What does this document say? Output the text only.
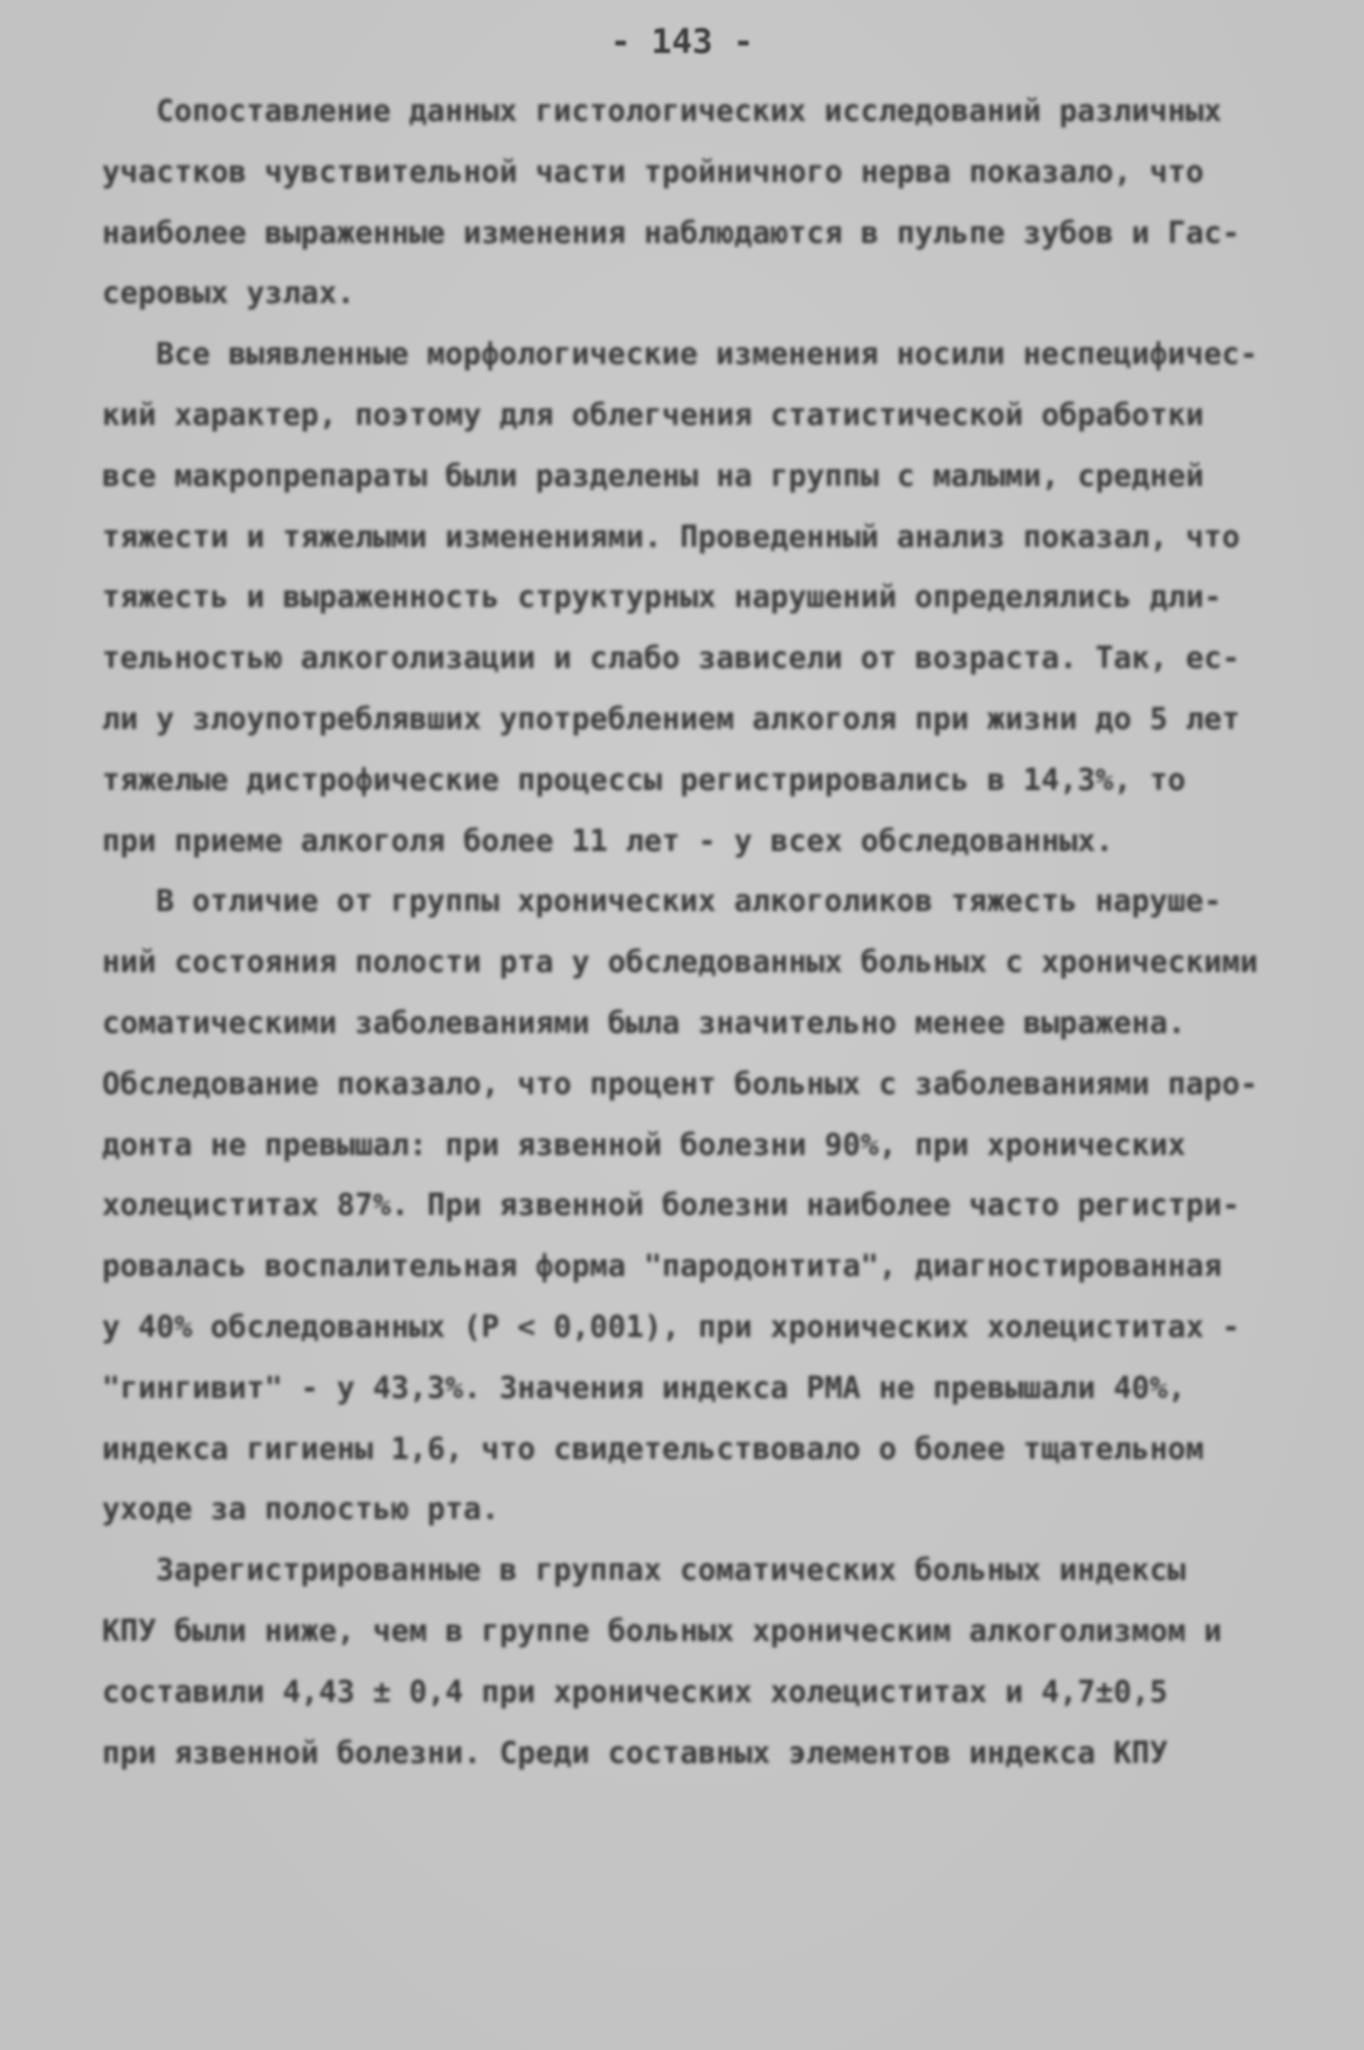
- 143 -

Сопоставление данных гистологических исследований различных
участков чувствительной части тройничного нерва показало, что
наиболее выраженные изменения наблюдаются в пульпе зубов и Гас-
серовых узлах.
Все выявленные морфологические изменения носили неспецифичес-
кий характер, поэтому для облегчения статистической обработки
все макропрепараты были разделены на группы с малыми, средней
тяжести и тяжелыми изменениями. Проведенный анализ показал, что
тяжесть и выраженность структурных нарушений определялись дли-
тельностью алкоголизации и слабо зависели от возраста. Так, ес-
ли у злоупотреблявших употреблением алкоголя при жизни до 5 лет
тяжелые дистрофические процессы регистрировались в 14,3%, то
при приеме алкоголя более 11 лет - у всех обследованных.
В отличие от группы хронических алкоголиков тяжесть наруше-
ний состояния полости рта у обследованных больных с хроническими
соматическими заболеваниями была значительно менее выражена.
Обследование показало, что процент больных с заболеваниями паро-
донта не превышал: при язвенной болезни 90%, при хронических
холециститах 87%. При язвенной болезни наиболее часто регистри-
ровалась воспалительная форма "пародонтита", диагностированная
у 40% обследованных (Р < 0,001), при хронических холециститах -
"гингивит" - у 43,3%. Значения индекса РМА не превышали 40%,
индекса гигиены 1,6, что свидетельствовало о более тщательном
уходе за полостью рта.
Зарегистрированные в группах соматических больных индексы
КПУ были ниже, чем в группе больных хроническим алкоголизмом и
составили 4,43 ± 0,4 при хронических холециститах и 4,7±0,5
при язвенной болезни. Среди составных элементов индекса КПУ
